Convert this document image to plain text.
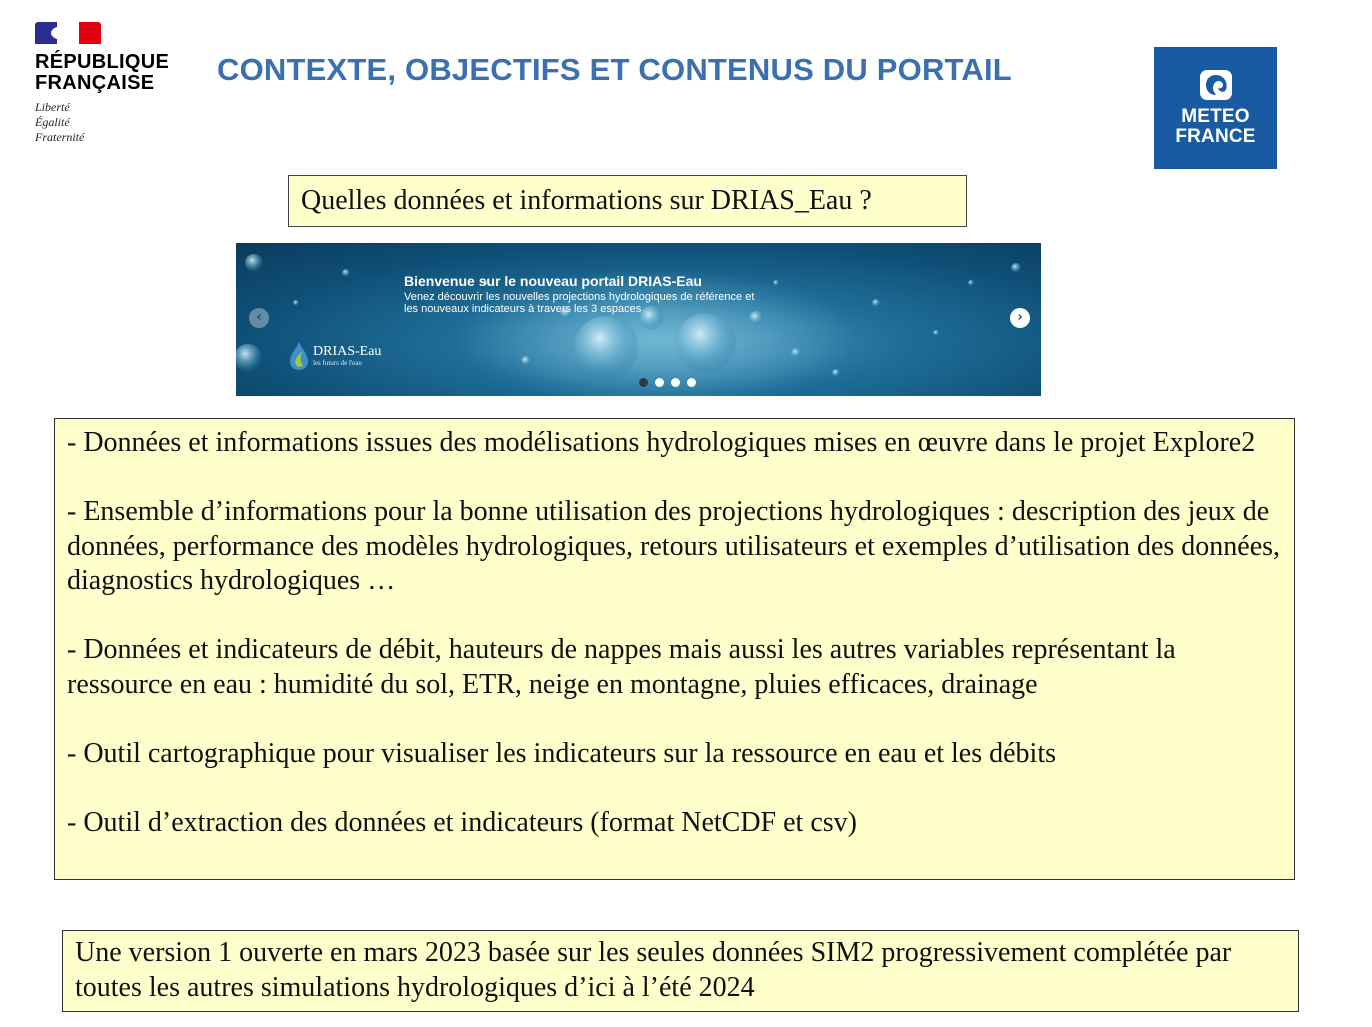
RÉPUBLIQUE
FRANÇAISE
Liberté
Égalité
Fraternité
CONTEXTE, OBJECTIFS ET CONTENUS DU PORTAIL
METEO
FRANCE
Quelles données et informations sur DRIAS_Eau ?
Bienvenue sur le nouveau portail DRIAS-Eau
Venez découvrir les nouvelles projections hydrologiques de référence et
les nouveaux indicateurs à travers les 3 espaces
‹	›
DRIAS-Eau
les futurs de l'eau

- Données et informations issues des modélisations hydrologiques mises en œuvre dans le projet Explore2

- Ensemble d’informations pour la bonne utilisation des projections hydrologiques : description des jeux de données, performance des modèles hydrologiques, retours utilisateurs et exemples d’utilisation des données, diagnostics hydrologiques …

- Données et indicateurs de débit, hauteurs de nappes mais aussi les autres variables représentant la ressource en eau : humidité du sol, ETR, neige en montagne, pluies efficaces, drainage

- Outil cartographique pour visualiser les indicateurs sur la ressource en eau et les débits

- Outil d’extraction des données et indicateurs (format NetCDF et csv)

Une version 1 ouverte en mars 2023 basée sur les seules données SIM2 progressivement complétée par toutes les autres simulations hydrologiques d’ici à l’été 2024
